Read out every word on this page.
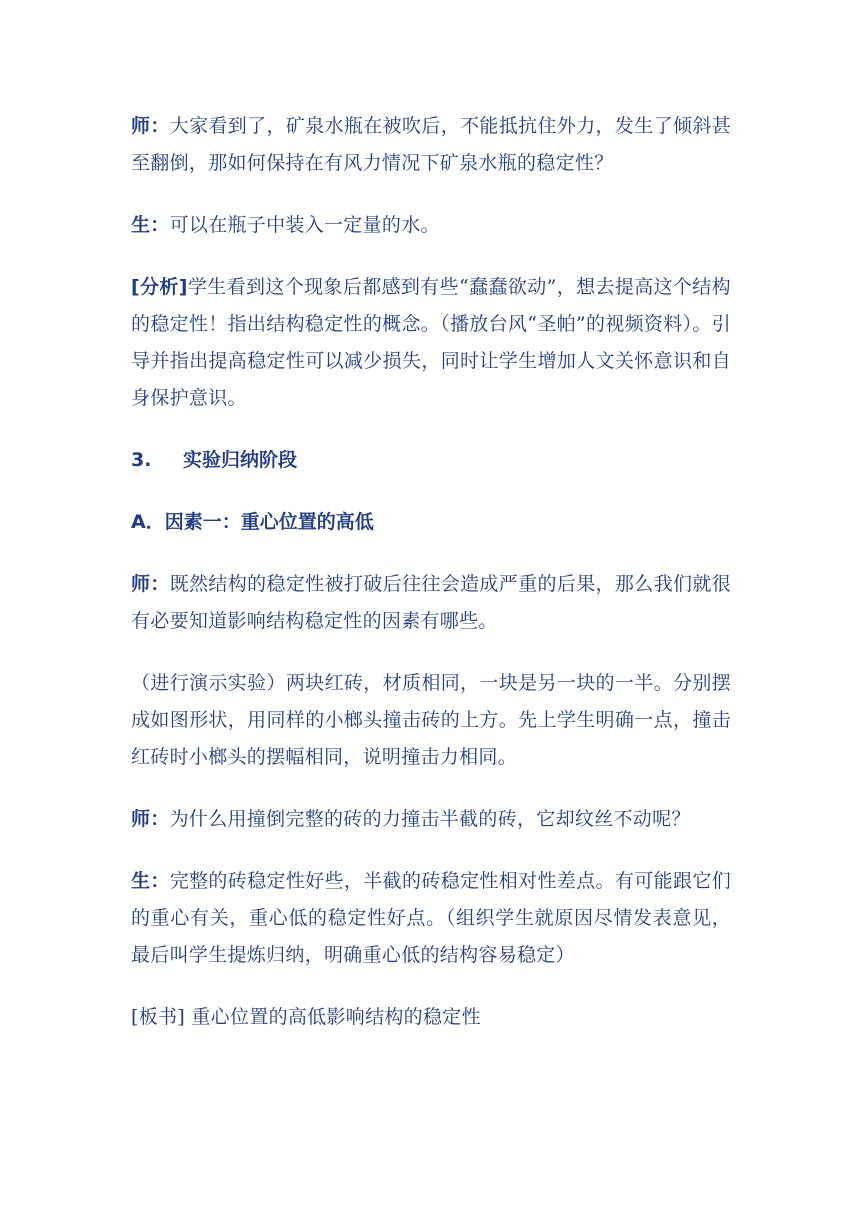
师：大家看到了，矿泉水瓶在被吹后，不能抵抗住外力，发生了倾斜甚至翻倒，那如何保持在有风力情况下矿泉水瓶的稳定性？

生：可以在瓶子中装入一定量的水。

[分析]学生看到这个现象后都感到有些“蠢蠢欲动”，想去提高这个结构的稳定性！指出结构稳定性的概念。（播放台风“圣帕”的视频资料）。引导并指出提高稳定性可以减少损失，同时让学生增加人文关怀意识和自身保护意识。

3. 实验归纳阶段
A．因素一：重心位置的高低

师：既然结构的稳定性被打破后往往会造成严重的后果，那么我们就很有必要知道影响结构稳定性的因素有哪些。

（进行演示实验）两块红砖，材质相同，一块是另一块的一半。分别摆成如图形状，用同样的小榔头撞击砖的上方。先上学生明确一点，撞击红砖时小榔头的摆幅相同，说明撞击力相同。

师：为什么用撞倒完整的砖的力撞击半截的砖，它却纹丝不动呢？

生：完整的砖稳定性好些，半截的砖稳定性相对性差点。有可能跟它们的重心有关，重心低的稳定性好点。（组织学生就原因尽情发表意见，最后叫学生提炼归纳，明确重心低的结构容易稳定）

[板书] 重心位置的高低影响结构的稳定性
